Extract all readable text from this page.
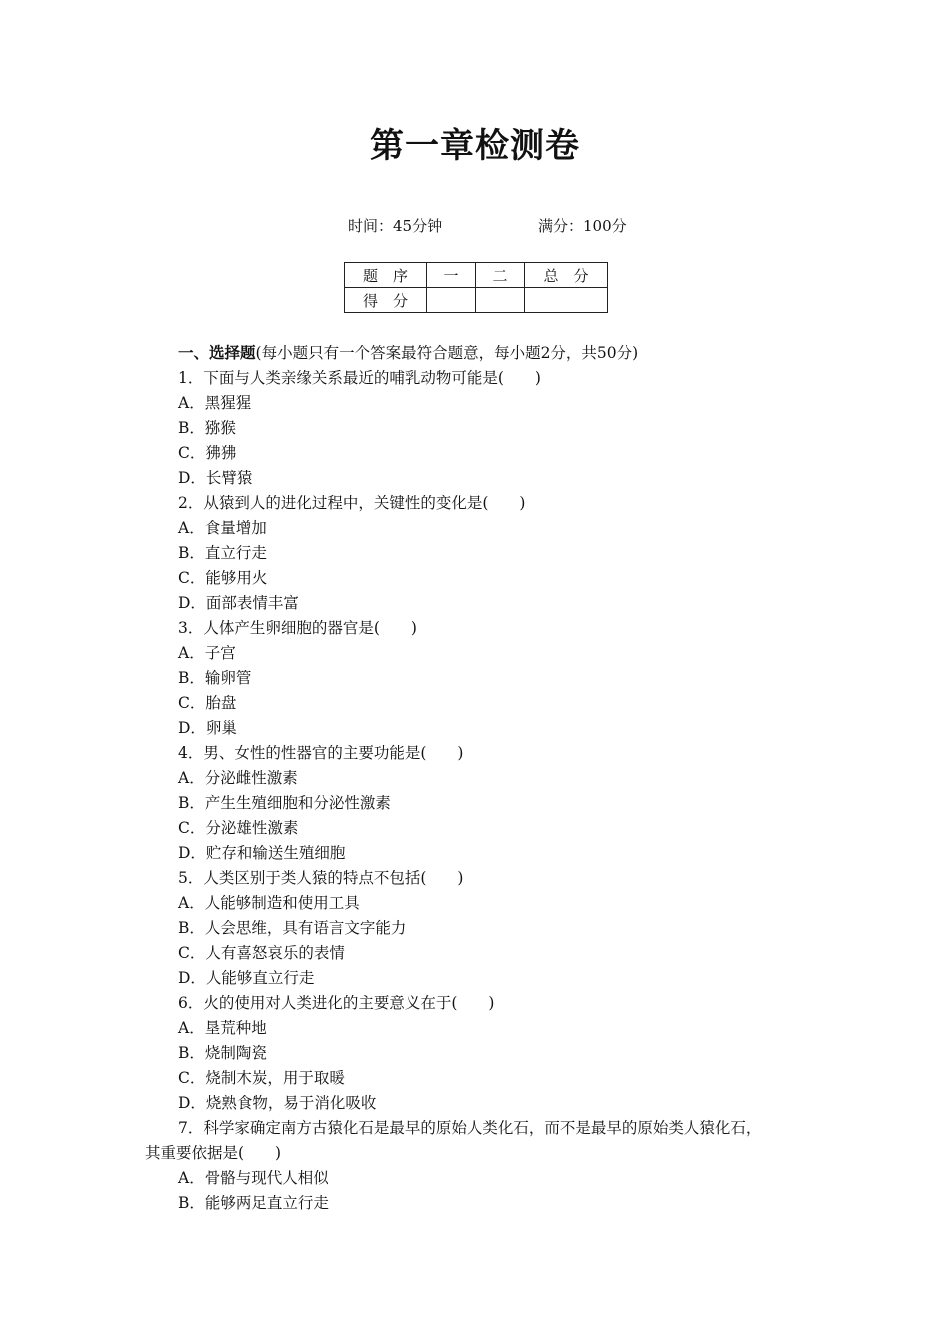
第一章检测卷
时间：45分钟	满分：100分
题　序	一	二	总　分
得　分			
一、选择题(每小题只有一个答案最符合题意，每小题2分，共50分)
1．下面与人类亲缘关系最近的哺乳动物可能是(　　)
A．黑猩猩
B．猕猴
C．狒狒
D．长臂猿
2．从猿到人的进化过程中，关键性的变化是(　　)
A．食量增加
B．直立行走
C．能够用火
D．面部表情丰富
3．人体产生卵细胞的器官是(　　)
A．子宫
B．输卵管
C．胎盘
D．卵巢
4．男、女性的性器官的主要功能是(　　)
A．分泌雌性激素
B．产生生殖细胞和分泌性激素
C．分泌雄性激素
D．贮存和输送生殖细胞
5．人类区别于类人猿的特点不包括(　　)
A．人能够制造和使用工具
B．人会思维，具有语言文字能力
C．人有喜怒哀乐的表情
D．人能够直立行走
6．火的使用对人类进化的主要意义在于(　　)
A．垦荒种地
B．烧制陶瓷
C．烧制木炭，用于取暖
D．烧熟食物，易于消化吸收
7．科学家确定南方古猿化石是最早的原始人类化石，而不是最早的原始类人猿化石，
其重要依据是(　　)
A．骨骼与现代人相似
B．能够两足直立行走
